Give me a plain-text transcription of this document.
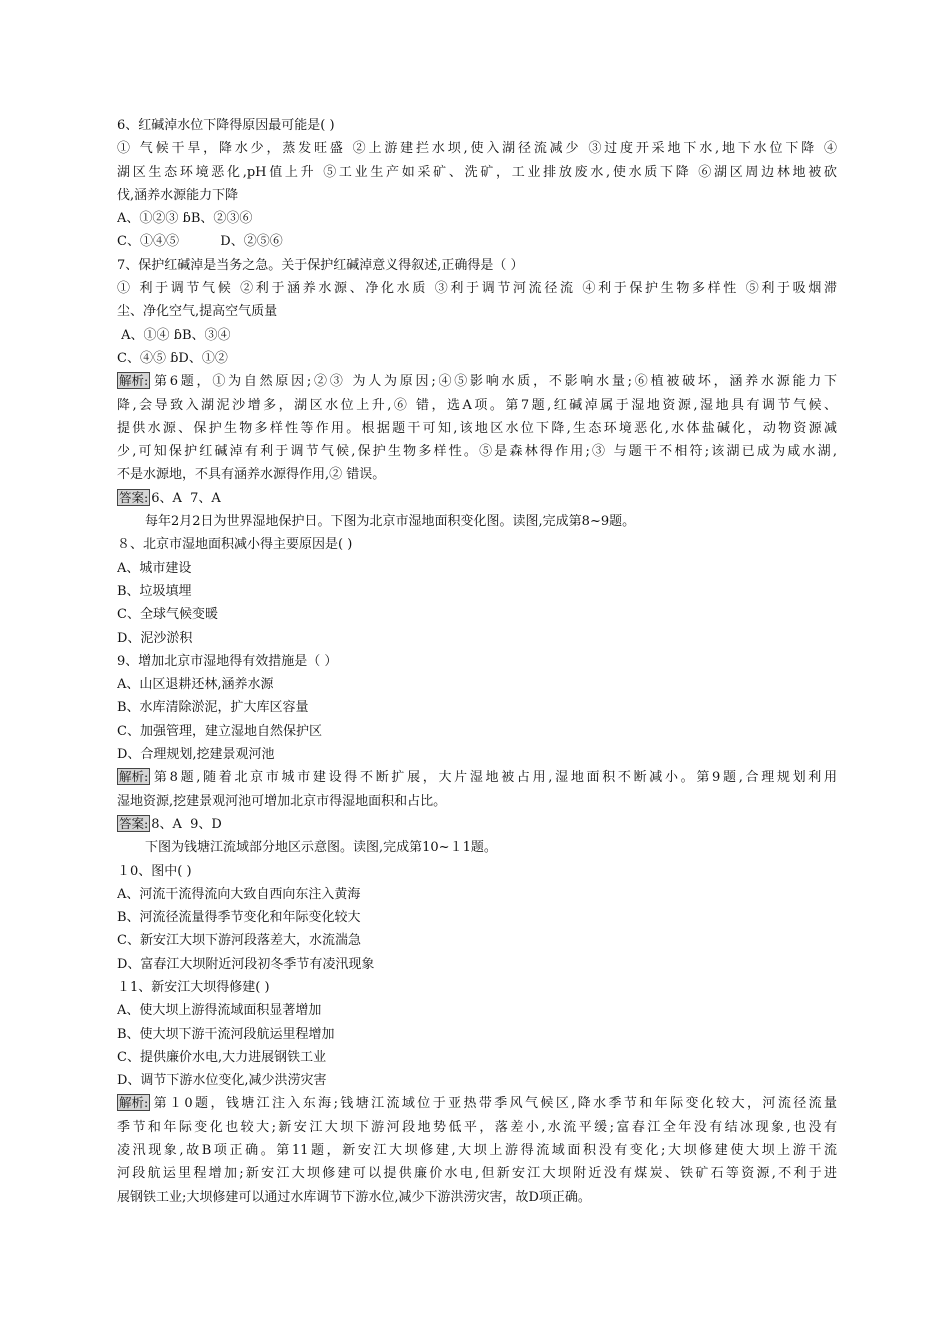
6、红碱淖水位下降得原因最可能是( )
① 气候干旱，降水少，蒸发旺盛 ②上游建拦水坝,使入湖径流减少 ③过度开采地下水,地下水位下降 ④
湖区生态环境恶化,pH值上升 ⑤工业生产如采矿、洗矿，工业排放废水,使水质下降 ⑥湖区周边林地被砍
伐,涵养水源能力下降
A、①②③ ɓB、②③⑥
C、①④⑤          D、②⑤⑥
7、保护红碱淖是当务之急。关于保护红碱淖意义得叙述,正确得是（ ）
① 利于调节气候 ②利于涵养水源、净化水质 ③利于调节河流径流 ④利于保护生物多样性 ⑤利于吸烟滞
尘、净化空气,提高空气质量
A、①④ ɓB、③④
C、④⑤ ɓD、①②
解析: 第6题，①为自然原因;②③ 为人为原因;④⑤影响水质，不影响水量;⑥植被破坏，涵养水源能力下
降,会导致入湖泥沙增多，湖区水位上升,⑥ 错，选A项。第7题,红碱淖属于湿地资源,湿地具有调节气候、
提供水源、保护生物多样性等作用。根据题干可知,该地区水位下降,生态环境恶化,水体盐碱化，动物资源减
少,可知保护红碱淖有利于调节气候,保护生物多样性。⑤是森林得作用;③ 与题干不相符;该湖已成为咸水湖,
不是水源地，不具有涵养水源得作用,② 错误。
答案: 6、A  7、A
每年2月2日为世界湿地保护日。下图为北京市湿地面积变化图。读图,完成第8~9题。
８、北京市湿地面积减小得主要原因是( )
A、城市建设
B、垃圾填埋
C、全球气候变暖
D、泥沙淤积
9、增加北京市湿地得有效措施是（ ）
A、山区退耕还林,涵养水源
B、水库清除淤泥，扩大库区容量
C、加强管理，建立湿地自然保护区
D、合理规划,挖建景观河池
解析: 第8题,随着北京市城市建设得不断扩展，大片湿地被占用,湿地面积不断减小。第9题,合理规划利用
湿地资源,挖建景观河池可增加北京市得湿地面积和占比。
答案: 8、A  9、D
下图为钱塘江流域部分地区示意图。读图,完成第10~１1题。
１0、图中( )
A、河流干流得流向大致自西向东注入黄海
B、河流径流量得季节变化和年际变化较大
C、新安江大坝下游河段落差大，水流湍急
D、富春江大坝附近河段初冬季节有凌汛现象
１1、新安江大坝得修建( )
A、使大坝上游得流域面积显著增加
B、使大坝下游干流河段航运里程增加
C、提供廉价水电,大力进展钢铁工业
D、调节下游水位变化,减少洪涝灾害
解析: 第１0题，钱塘江注入东海;钱塘江流域位于亚热带季风气候区,降水季节和年际变化较大，河流径流量
季节和年际变化也较大;新安江大坝下游河段地势低平，落差小,水流平缓;富春江全年没有结冰现象,也没有
凌汛现象,故B项正确。第11题，新安江大坝修建,大坝上游得流域面积没有变化;大坝修建使大坝上游干流
河段航运里程增加;新安江大坝修建可以提供廉价水电,但新安江大坝附近没有煤炭、铁矿石等资源,不利于进
展钢铁工业;大坝修建可以通过水库调节下游水位,减少下游洪涝灾害，故D项正确。
